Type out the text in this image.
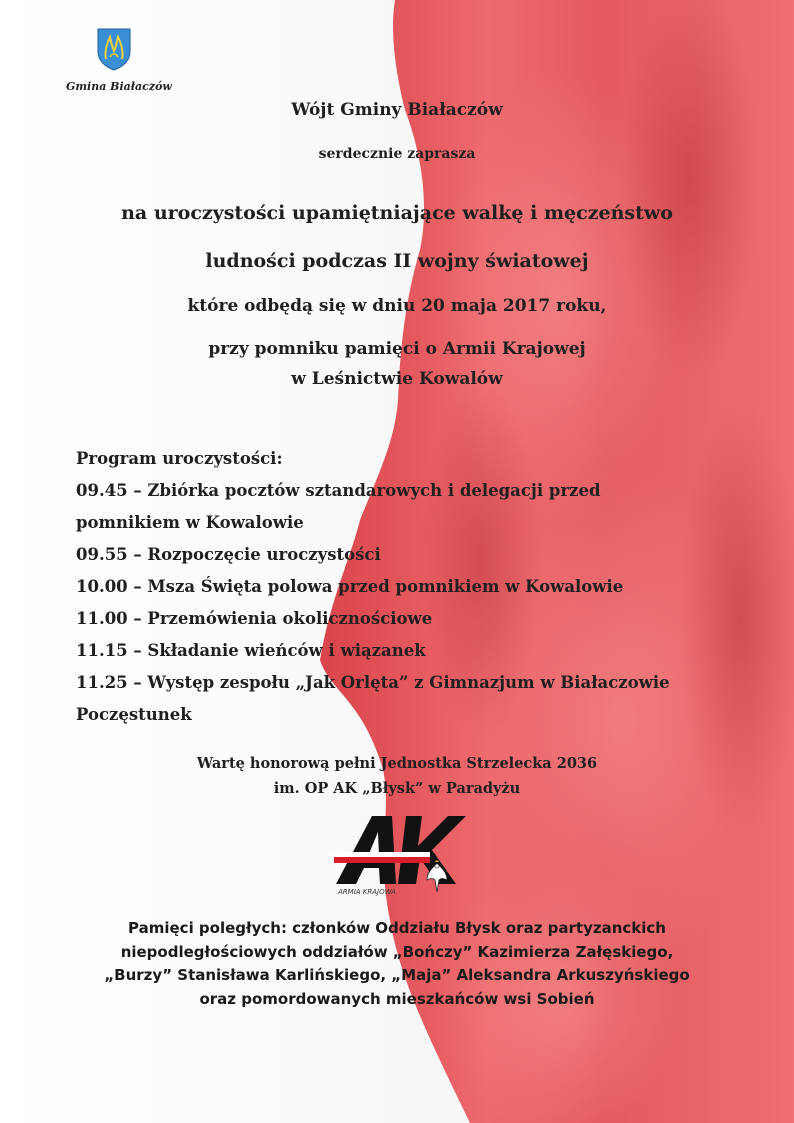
Gmina Białaczów
Wójt Gminy Białaczów
serdecznie zaprasza
na uroczystości upamiętniające walkę i męczeństwo
ludności podczas II wojny światowej
które odbędą się w dniu 20 maja 2017 roku,
przy pomniku pamięci o Armii Krajowej
w Leśnictwie Kowalów
Program uroczystości:
09.45 – Zbiórka pocztów sztandarowych i delegacji przed
pomnikiem w Kowalowie
09.55 – Rozpoczęcie uroczystości
10.00 – Msza Święta polowa przed pomnikiem w Kowalowie
11.00 – Przemówienia okolicznościowe
11.15 – Składanie wieńców i wiązanek
11.25 – Występ zespołu „Jak Orlęta” z Gimnazjum w Białaczowie
Poczęstunek
Wartę honorową pełni Jednostka Strzelecka 2036
im. OP AK „Błysk” w Paradyżu
ARMIA KRAJOWA
Pamięci poległych: członków Oddziału Błysk oraz partyzanckich
niepodległościowych oddziałów „Bończy” Kazimierza Załęskiego,
„Burzy” Stanisława Karlińskiego, „Maja” Aleksandra Arkuszyńskiego
oraz pomordowanych mieszkańców wsi Sobień
